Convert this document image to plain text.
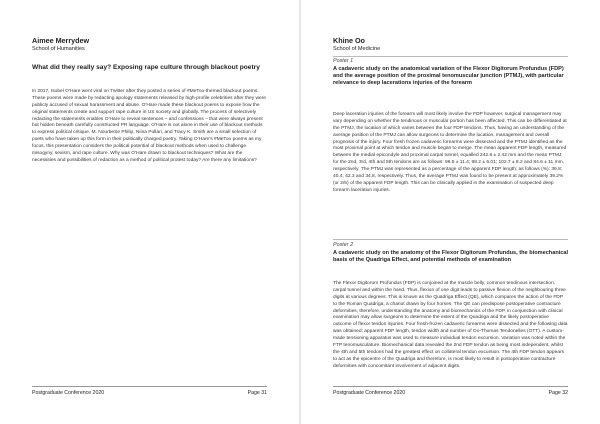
Aimee Merrydew
School of Humanities
What did they really say? Exposing rape culture through blackout poetry
In 2017, Isobel O’Hare went viral on Twitter after they posted a series of #MeToo-themed blackout poems. These poems were made by redacting apology statements released by high-profile celebrities after they were publicly accused of sexual harassment and abuse. O’Hare made these blackout poems to expose how the original statements create and support rape culture in US society and globally. The process of selectively redacting the statements enables O’Hare to reveal sentences – and confessions – that were always present but hidden beneath carefully constructed PR language. O’Hare is not alone in their use of blackout methods to express political critique. M. NourbeSe Philip, Niina Pollari, and Tracy K. Smith are a small selection of poets who have taken up this form in their politically charged poetry. Taking O’Hare’s #MeToo poems as my focus, this presentation considers the political potential of blackout methods when used to challenge misogyny, sexism, and rape culture. Why was O’Hare drawn to blackout techniques? What are the necessities and possibilities of redaction as a method of political protest today? Are there any limitations?
Postgraduate Conference 2020	Page 31
Khine Oo
School of Medicine
Poster 1
A cadaveric study on the anatomical variation of the Flexor Digitorum Profundus (FDP) and the average position of the proximal tenomuscular junction (PTMJ), with particular relevance to deep lacerations injuries of the forearm
Deep laceration injuries of the forearm will most likely involve the FDP however, surgical management may vary depending on whether the tendinous or muscular portion has been affected. This can be differentiated at the PTMJ, the location of which varies between the four FDP tendons. Thus, having an understanding of the average position of the PTMJ can allow surgeons to determine the location, management and overall prognosis of the injury. Four fresh frozen cadaveric forearms were dissected and the PTMJ identified as the most proximal point at which tendon and muscle began to merge. The mean apparent FDP length, measured between the medial epicondyle and proximal carpal tunnel, equalled 242.8 ± 2.42 mm and the mean PTMJ for the 2nd, 3rd, 4th and 5th tendons are as follows: 96.5 ± 11.4; 98.2 ± 6.01; 102.7 ± 8.2 and 84.6 ± 11 mm, respectively. The PTMJ was represented as a percentage of the apparent FDP length; as follows (%): 39.8; 40.4; 42.3 and 34.8, respectively. Thus, the average PTMJ was found to be present at approximately 39.2% (or 2/5) of the apparent FDP length. This can be clinically applied in the examination of suspected deep forearm laceration injuries.
Poster 2
A cadaveric study on the anatomy of the Flexor Digitorum Profundus, the biomechanical basis of the Quadriga Effect, and potential methods of examination
The Flexor Digitorum Profundus (FDP) is conjoined at the muscle belly, common tendinous intersection, carpal tunnel and within the hand. Thus, flexion of one digit leads to passive flexion of the neighbouring three digits at various degrees. This is known as the Quadriga Effect (QE), which compares the action of the FDP to the Roman Quadriga; a chariot drawn by four horses. The QE can predispose postoperative contracture deformities, therefore, understanding the anatomy and biomechanics of the FDP, in conjunction with clinical examination may allow surgeons to determine the extent of the Quadriga and the likely postoperative outcome of flexor tendon injuries. Four fresh-frozen cadaveric forearms were dissected and the following data was obtained: apparent FDP length, tendon width and number of Oo-Thomas Tendonelles (OTT). A custom-made tensioning apparatus was used to measure individual tendon excursion. Variation was noted within the FTP tenomusculature. Biomechanical data revealed the 2nd FDP tendon as being most independent, whilst the 4th and 5th tendons had the greatest effect on collateral tendon excursion. The 4th FDP tendon appears to act as the epicentre of the Quadriga and therefore, is most likely to result in postoperative contracture deformities with concomitant involvement of adjacent digits.
Postgraduate Conference 2020	Page 32
